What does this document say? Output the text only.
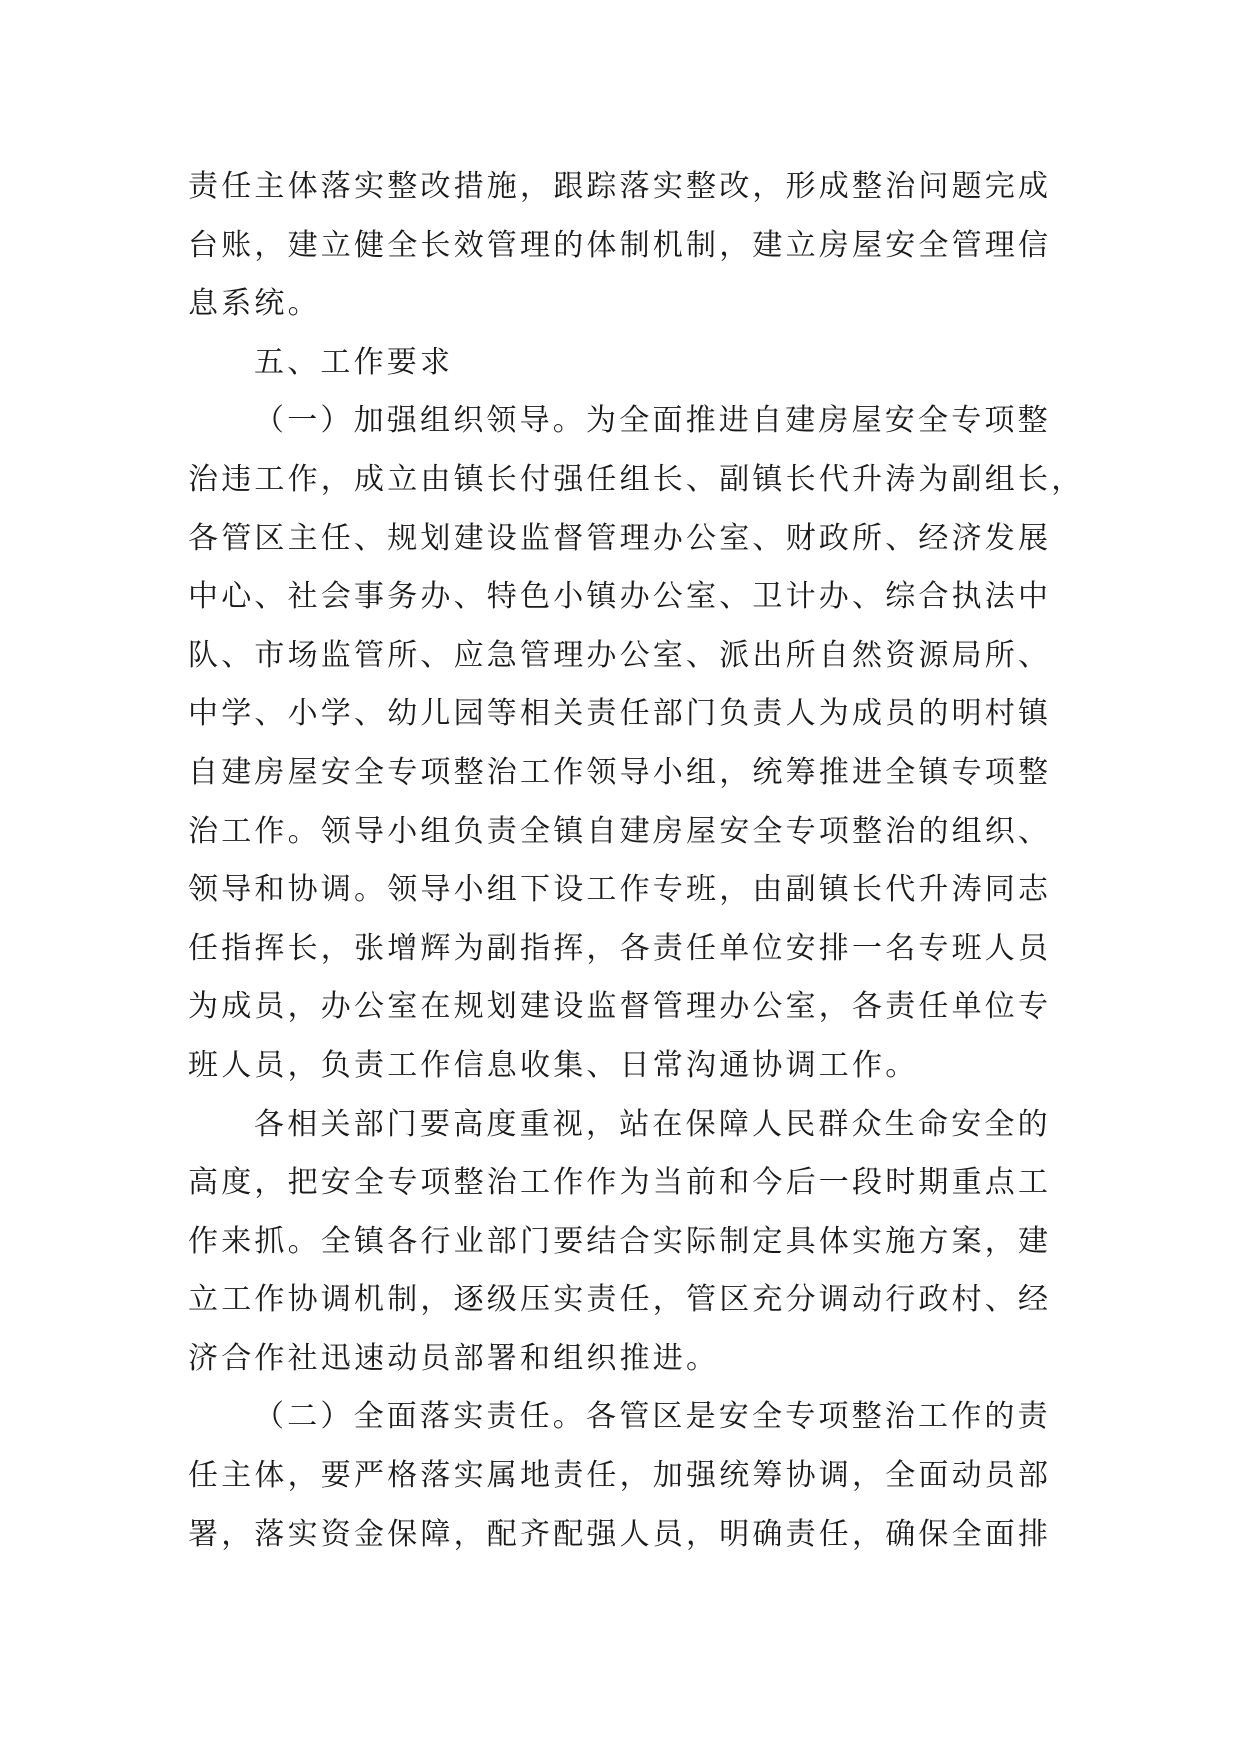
责任主体落实整改措施，跟踪落实整改，形成整治问题完成
台账，建立健全长效管理的体制机制，建立房屋安全管理信
息系统。
五、工作要求
（一）加强组织领导。为全面推进自建房屋安全专项整
治违工作，成立由镇长付强任组长、副镇长代升涛为副组长，
各管区主任、规划建设监督管理办公室、财政所、经济发展
中心、社会事务办、特色小镇办公室、卫计办、综合执法中
队、市场监管所、应急管理办公室、派出所自然资源局所、
中学、小学、幼儿园等相关责任部门负责人为成员的明村镇
自建房屋安全专项整治工作领导小组，统筹推进全镇专项整
治工作。领导小组负责全镇自建房屋安全专项整治的组织、
领导和协调。领导小组下设工作专班，由副镇长代升涛同志
任指挥长，张增辉为副指挥，各责任单位安排一名专班人员
为成员，办公室在规划建设监督管理办公室，各责任单位专
班人员，负责工作信息收集、日常沟通协调工作。
各相关部门要高度重视，站在保障人民群众生命安全的
高度，把安全专项整治工作作为当前和今后一段时期重点工
作来抓。全镇各行业部门要结合实际制定具体实施方案，建
立工作协调机制，逐级压实责任，管区充分调动行政村、经
济合作社迅速动员部署和组织推进。
（二）全面落实责任。各管区是安全专项整治工作的责
任主体，要严格落实属地责任，加强统筹协调，全面动员部
署，落实资金保障，配齐配强人员，明确责任，确保全面排
